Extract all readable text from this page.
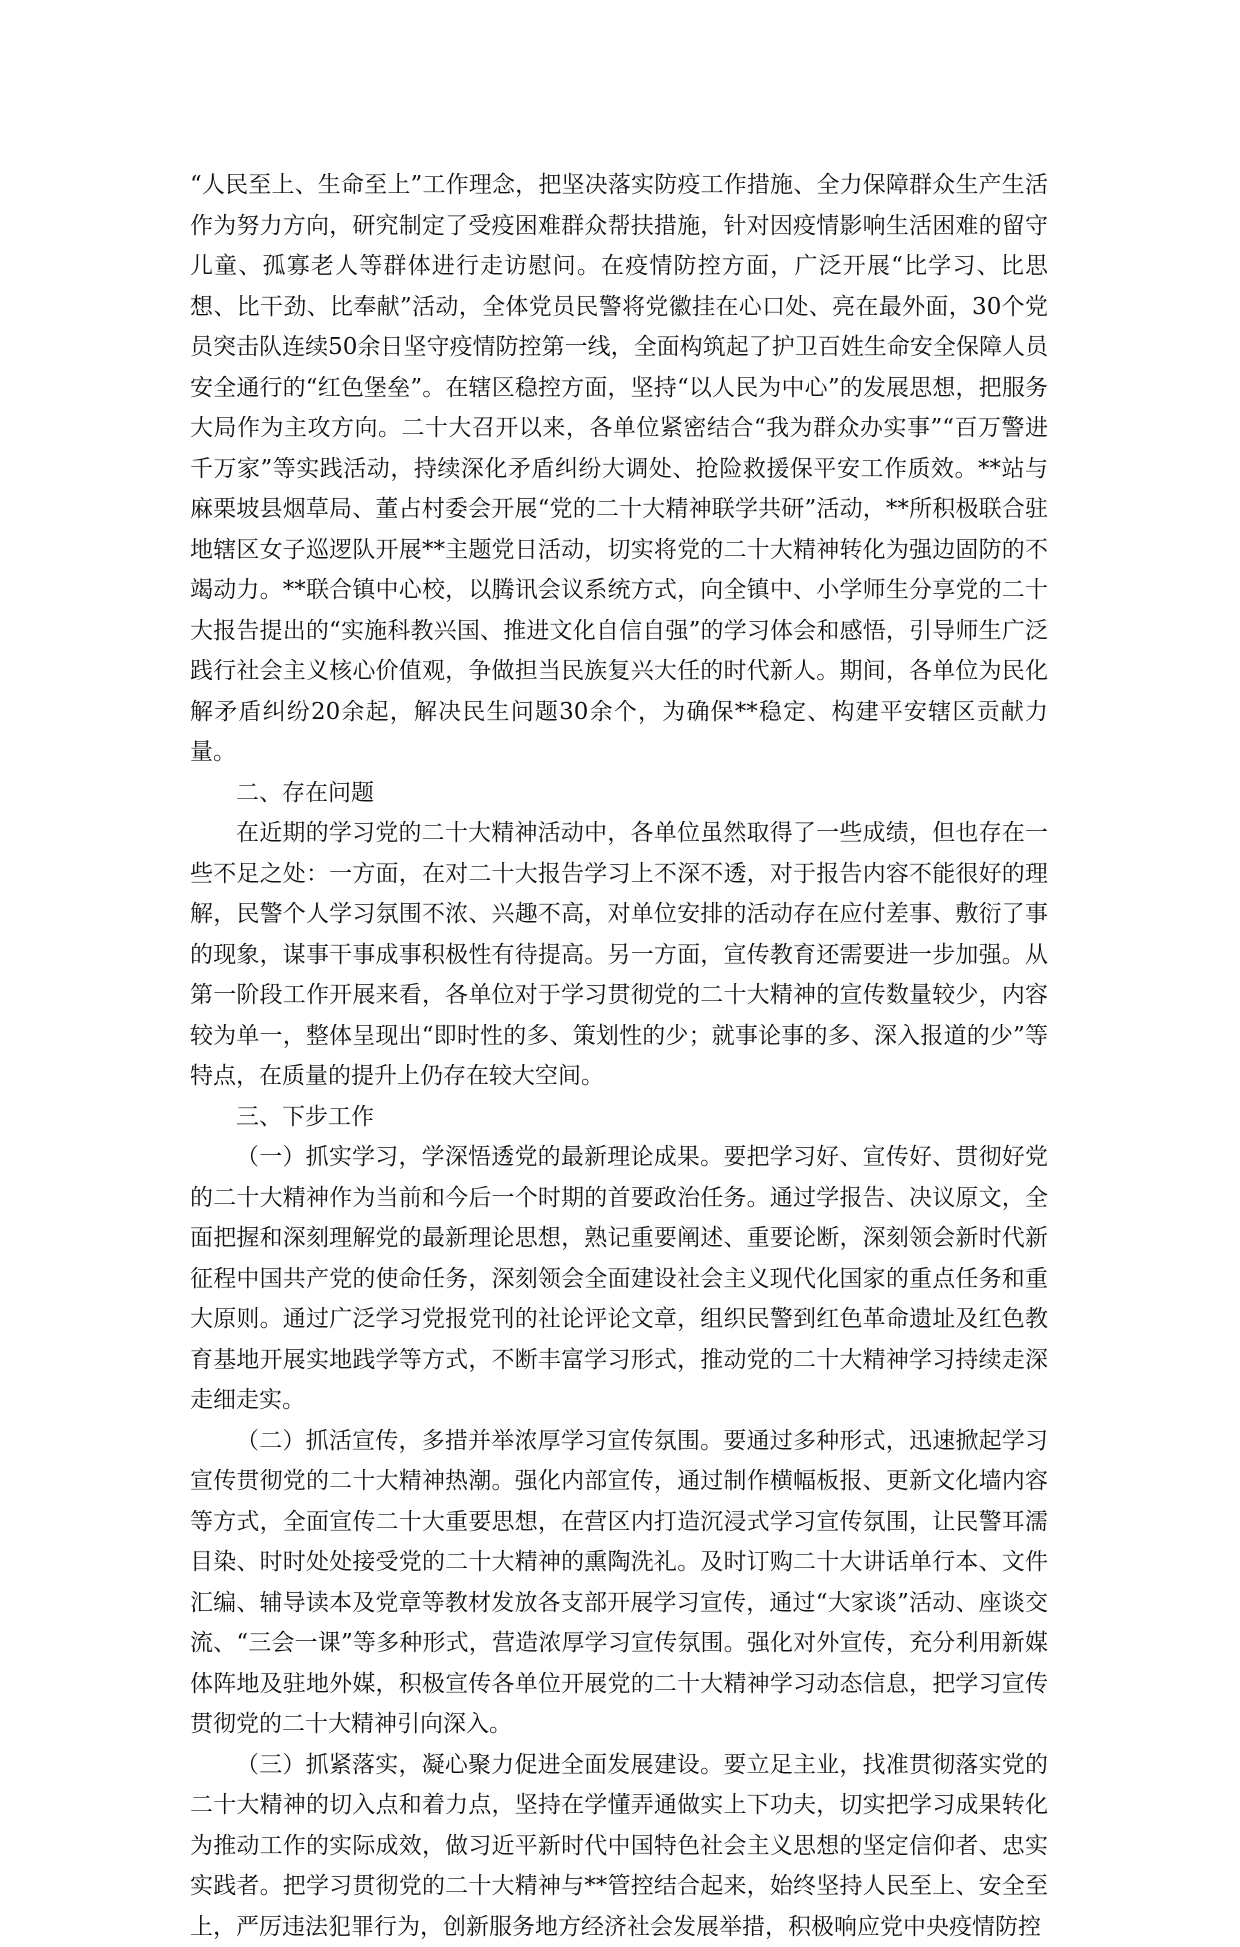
“人民至上、生命至上”工作理念，把坚决落实防疫工作措施、全力保障群众生产生活作为努力方向，研究制定了受疫困难群众帮扶措施，针对因疫情影响生活困难的留守儿童、孤寡老人等群体进行走访慰问。在疫情防控方面，广泛开展“比学习、比思想、比干劲、比奉献”活动，全体党员民警将党徽挂在心口处、亮在最外面，30个党员突击队连续50余日坚守疫情防控第一线，全面构筑起了护卫百姓生命安全保障人员安全通行的“红色堡垒”。在辖区稳控方面，坚持“以人民为中心”的发展思想，把服务大局作为主攻方向。二十大召开以来，各单位紧密结合“我为群众办实事”“百万警进千万家”等实践活动，持续深化矛盾纠纷大调处、抢险救援保平安工作质效。**站与麻栗坡县烟草局、董占村委会开展“党的二十大精神联学共研”活动，**所积极联合驻地辖区女子巡逻队开展**主题党日活动，切实将党的二十大精神转化为强边固防的不竭动力。**联合镇中心校，以腾讯会议系统方式，向全镇中、小学师生分享党的二十大报告提出的“实施科教兴国、推进文化自信自强”的学习体会和感悟，引导师生广泛践行社会主义核心价值观，争做担当民族复兴大任的时代新人。期间，各单位为民化解矛盾纠纷20余起，解决民生问题30余个，为确保**稳定、构建平安辖区贡献力量。

二、存在问题

在近期的学习党的二十大精神活动中，各单位虽然取得了一些成绩，但也存在一些不足之处：一方面，在对二十大报告学习上不深不透，对于报告内容不能很好的理解，民警个人学习氛围不浓、兴趣不高，对单位安排的活动存在应付差事、敷衍了事的现象，谋事干事成事积极性有待提高。另一方面，宣传教育还需要进一步加强。从第一阶段工作开展来看，各单位对于学习贯彻党的二十大精神的宣传数量较少，内容较为单一，整体呈现出“即时性的多、策划性的少；就事论事的多、深入报道的少”等特点，在质量的提升上仍存在较大空间。

三、下步工作

（一）抓实学习，学深悟透党的最新理论成果。要把学习好、宣传好、贯彻好党的二十大精神作为当前和今后一个时期的首要政治任务。通过学报告、决议原文，全面把握和深刻理解党的最新理论思想，熟记重要阐述、重要论断，深刻领会新时代新征程中国共产党的使命任务，深刻领会全面建设社会主义现代化国家的重点任务和重大原则。通过广泛学习党报党刊的社论评论文章，组织民警到红色革命遗址及红色教育基地开展实地践学等方式，不断丰富学习形式，推动党的二十大精神学习持续走深走细走实。

（二）抓活宣传，多措并举浓厚学习宣传氛围。要通过多种形式，迅速掀起学习宣传贯彻党的二十大精神热潮。强化内部宣传，通过制作横幅板报、更新文化墙内容等方式，全面宣传二十大重要思想，在营区内打造沉浸式学习宣传氛围，让民警耳濡目染、时时处处接受党的二十大精神的熏陶洗礼。及时订购二十大讲话单行本、文件汇编、辅导读本及党章等教材发放各支部开展学习宣传，通过“大家谈”活动、座谈交流、“三会一课”等多种形式，营造浓厚学习宣传氛围。强化对外宣传，充分利用新媒体阵地及驻地外媒，积极宣传各单位开展党的二十大精神学习动态信息，把学习宣传贯彻党的二十大精神引向深入。

（三）抓紧落实，凝心聚力促进全面发展建设。要立足主业，找准贯彻落实党的二十大精神的切入点和着力点，坚持在学懂弄通做实上下功夫，切实把学习成果转化为推动工作的实际成效，做习近平新时代中国特色社会主义思想的坚定信仰者、忠实实践者。把学习贯彻党的二十大精神与**管控结合起来，始终坚持人民至上、安全至上，严厉违法犯罪行为，创新服务地方经济社会发展举措，积极响应党中央疫情防控
